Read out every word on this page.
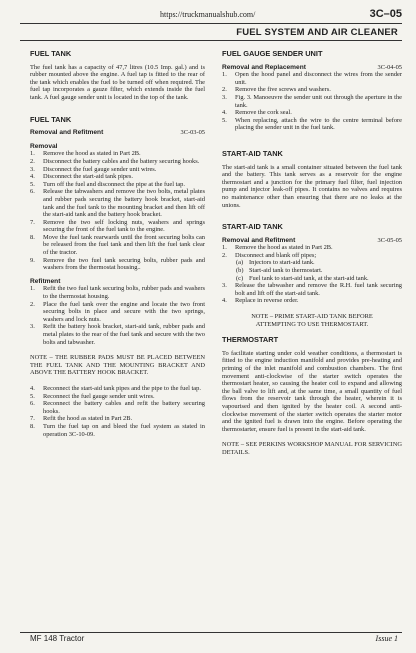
https://truckmanualshub.com/	3C–05
FUEL SYSTEM AND AIR CLEANER
FUEL TANK

The fuel tank has a capacity of 47,7 litres (10.5 Imp. gal.) and is rubber mounted above the engine. A fuel tap is fitted to the rear of the tank which enables the fuel to be turned off when required. The fuel tap incorporates a gauze filter, which extends inside the fuel tank. A fuel gauge sender unit is located in the top of the tank.

FUEL TANK
Removal and Refitment	3C-03-05
Removal
1.	Remove the hood as stated in Part 2B.
2.	Disconnect the battery cables and the battery securing hooks.
3.	Disconnect the fuel gauge sender unit wires.
4.	Disconnect the start-aid tank pipes.
5.	Turn off the fuel and disconnect the pipe at the fuel tap.
6.	Release the tabwashers and remove the two bolts, metal plates and rubber pads securing the battery hook bracket, start-aid tank and the fuel tank to the mounting bracket and then lift off the start-aid tank and the battery hook bracket.
7.	Remove the two self locking nuts, washers and springs securing the front of the fuel tank to the engine.
8.	Move the fuel tank rearwards until the front securing bolts can be released from the fuel tank and then lift the fuel tank clear of the tractor.
9.	Remove the two fuel tank securing bolts, rubber pads and washers from the thermostat housing..
Refitment
1.	Refit the two fuel tank securing bolts, rubber pads and washers to the thermostat housing.
2.	Place the fuel tank over the engine and locate the two front securing bolts in place and secure with the two springs, washers and lock nuts.
3.	Refit the battery hook bracket, start-aid tank, rubber pads and metal plates to the rear of the fuel tank and secure with the two bolts and tabwasher.
NOTE – THE RUBBER PADS MUST BE PLACED BETWEEN THE FUEL TANK AND THE MOUNTING BRACKET AND ABOVE THE BATTERY HOOK BRACKET.
4.	Reconnect the start-aid tank pipes and the pipe to the fuel tap.
5.	Reconnect the fuel gauge sender unit wires.
6.	Reconnect the battery cables and refit the battery securing hooks.
7.	Refit the hood as stated in Part 2B.
8.	Turn the fuel tap on and bleed the fuel system as stated in operation 3C-10-09.
FUEL GAUGE SENDER UNIT
Removal and Replacement	3C-04-05
1.	Open the hood panel and disconnect the wires from the sender unit.
2.	Remove the five screws and washers.
3.	Fig. 3. Manoeuvre the sender unit out through the aperture in the tank.
4.	Remove the cork seal.
5.	When replacing, attach the wire to the centre terminal before placing the sender unit in the fuel tank.
START-AID TANK

The start-aid tank is a small container situated between the fuel tank and the battery. This tank serves as a reservoir for the engine thermostart and a junction for the primary fuel filter, fuel injection pump and injector leak-off pipes. It contains no valves and requires no maintenance other than ensuring that there are no leaks at the unions.

START-AID TANK
Removal and Refitment	3C-05-05
1.	Remove the hood as stated in Part 2B.
2.	Disconnect and blank off pipes;
(a) Injectors to start-aid tank.
(b) Start-aid tank to thermostart.
(c) Fuel tank to start-aid tank, at the start-aid tank.
3.	Release the tabwasher and remove the R.H. fuel tank securing bolt and lift off the start-aid tank.
4.	Replace in reverse order.
NOTE – PRIME START-AID TANK BEFORE ATTEMPTING TO USE THERMOSTART.
THERMOSTART

To facilitate starting under cold weather conditions, a thermostart is fitted to the engine induction manifold and provides pre-heating and priming of the inlet manifold and combustion chambers. The first movement anti-clockwise of the starter switch operates the thermostart heater, so causing the heater coil to expand and allowing the ball valve to lift and, at the same time, a small quantity of fuel flows from the reservoir tank through the heater, wherein it is vapourised and then ignited by the heater coil. A second anti-clockwise movement of the starter switch operates the starter motor and the ignited fuel is drawn into the engine. Before operating the thermostarter, ensure fuel is present in the start-aid tank.

NOTE – SEE PERKINS WORKSHOP MANUAL FOR SERVICING DETAILS.
MF 148 Tractor	Issue 1
